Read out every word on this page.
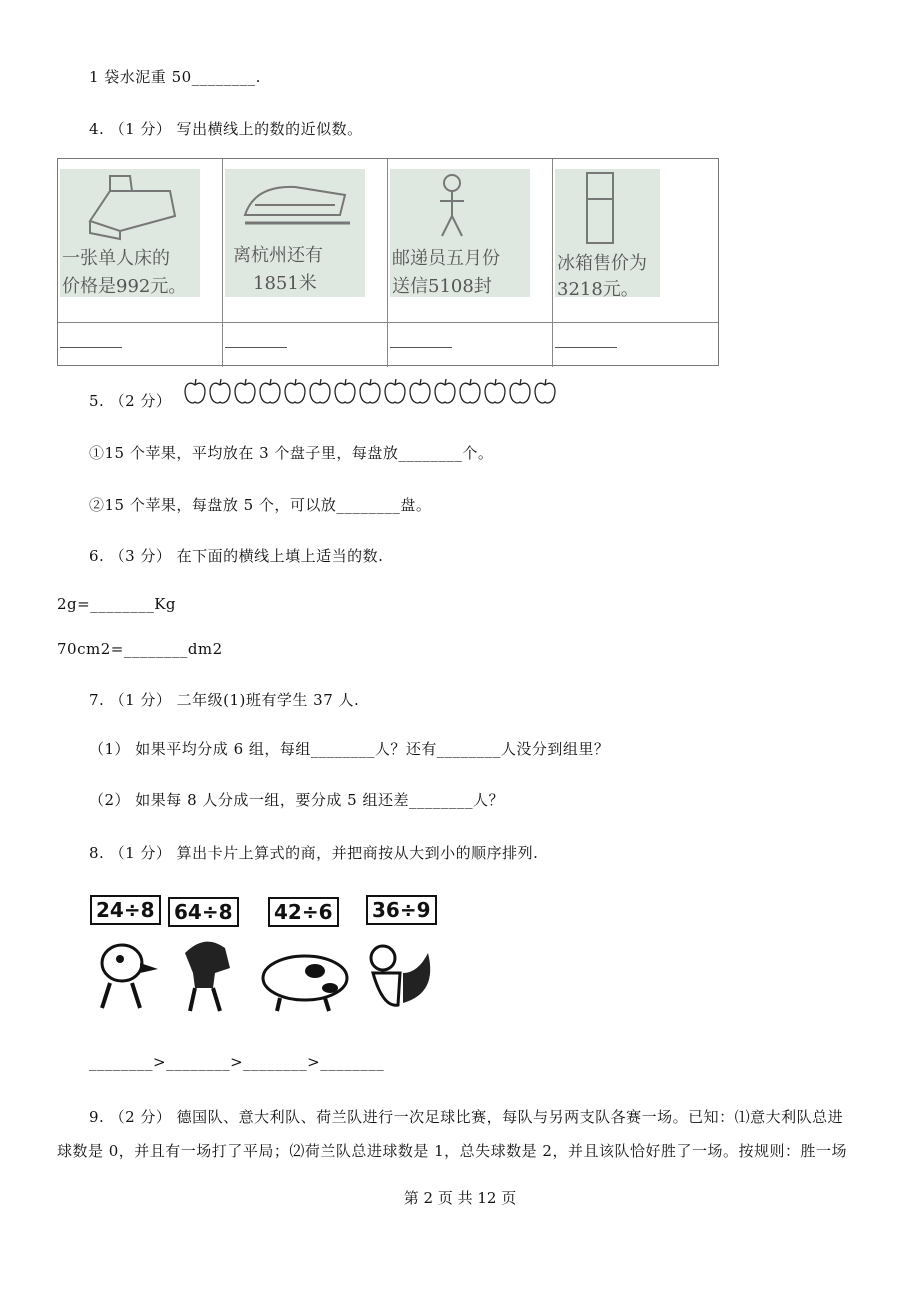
1 袋水泥重 50________.
4. （1 分） 写出横线上的数的近似数。
一张单人床的
价格是992元。
离杭州还有
1851米
邮递员五月份
送信5108封
冰箱售价为
3218元。
5. （2 分）
①15 个苹果，平均放在 3 个盘子里，每盘放________个。
②15 个苹果，每盘放 5 个，可以放________盘。
6. （3 分） 在下面的横线上填上适当的数.
2g=________Kg
70cm2=________dm2
7. （1 分） 二年级(1)班有学生 37 人.
（1） 如果平均分成 6 组，每组________人？还有________人没分到组里？
（2） 如果每 8 人分成一组，要分成 5 组还差________人？
8. （1 分） 算出卡片上算式的商，并把商按从大到小的顺序排列.
24÷8 64÷8	42÷6	36÷9
________>________>________>________
9. （2 分） 德国队、意大利队、荷兰队进行一次足球比赛，每队与另两支队各赛一场。已知：⑴意大利队总进
球数是 0，并且有一场打了平局；⑵荷兰队总进球数是 1，总失球数是 2，并且该队恰好胜了一场。按规则：胜一场
第 2 页 共 12 页
